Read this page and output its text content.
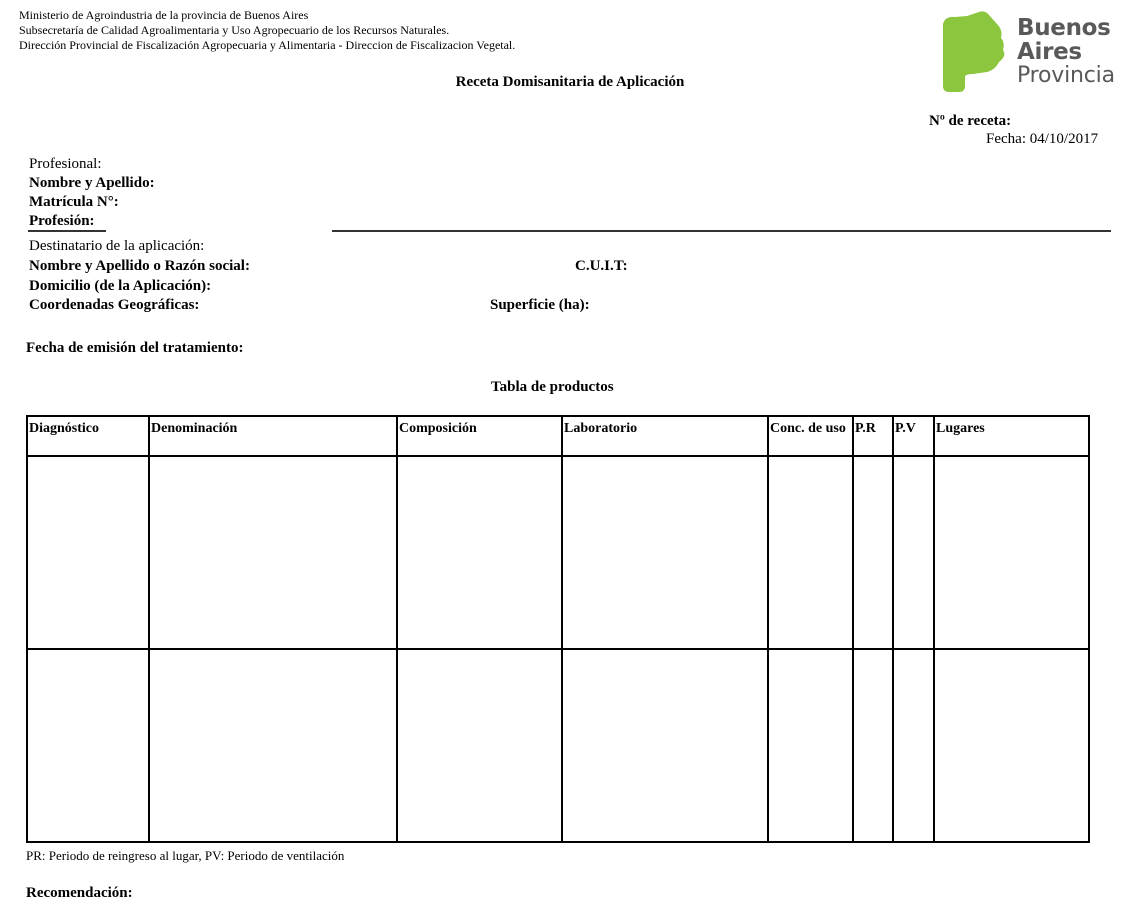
Ministerio de Agroindustria de la provincia de Buenos Aires
Subsecretaría de Calidad Agroalimentaria y Uso Agropecuario de los Recursos Naturales.
Dirección Provincial de Fiscalización Agropecuaria y Alimentaria - Direccion de Fiscalizacion Vegetal.
Buenos
Aires
Provincia
Receta Domisanitaria de Aplicación
Nº de receta:
Fecha: 04/10/2017
Profesional:
Nombre y Apellido:
Matrícula N°:
Profesión:
Destinatario de la aplicación:
Nombre y Apellido o Razón social:	C.U.I.T:
Domicilio (de la Aplicación):
Coordenadas Geográficas:	Superficie (ha):
Fecha de emisión del tratamiento:
Tabla de productos
Diagnóstico	Denominación	Composición	Laboratorio	Conc. de uso	P.R	P.V	Lugares

PR: Periodo de reingreso al lugar, PV: Periodo de ventilación
Recomendación:
